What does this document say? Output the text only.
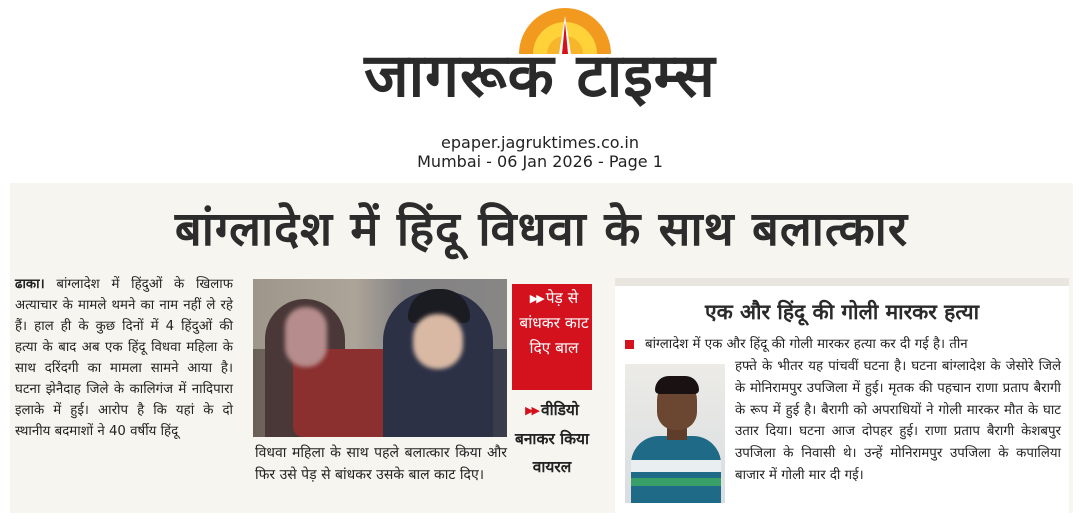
जागरूक टाइम्स
epaper.jagruktimes.co.in
Mumbai - 06 Jan 2026 - Page 1
बांग्लादेश में हिंदू विधवा के साथ बलात्कार
ढाका। बांग्लादेश में हिंदुओं के खिलाफ अत्याचार के मामले थमने का नाम नहीं ले रहे हैं। हाल ही के कुछ दिनों में 4 हिंदुओं की हत्या के बाद अब एक हिंदू विधवा महिला के साथ दरिंदगी का मामला सामने आया है। घटना झेनैदाह जिले के कालिगंज में नादिपारा इलाके में हुई। आरोप है कि यहां के दो स्थानीय बदमाशों ने 40 वर्षीय हिंदू
विधवा महिला के साथ पहले बलात्कार किया और फिर उसे पेड़ से बांधकर उसके बाल काट दिए।
▶▶ पेड़ से बांधकर काट दिए बाल
▶▶ वीडियो बनाकर किया वायरल
एक और हिंदू की गोली मारकर हत्या
बांग्लादेश में एक और हिंदू की गोली मारकर हत्या कर दी गई है। तीन
हफ्ते के भीतर यह पांचवीं घटना है। घटना बांग्लादेश के जेसोरे जिले के मोनिरामपुर उपजिला में हुई। मृतक की पहचान राणा प्रताप बैरागी के रूप में हुई है। बैरागी को अपराधियों ने गोली मारकर मौत के घाट उतार दिया। घटना आज दोपहर हुई। राणा प्रताप बैरागी केशबपुर उपजिला के निवासी थे। उन्हें मोनिरामपुर उपजिला के कपालिया बाजार में गोली मार दी गई।
